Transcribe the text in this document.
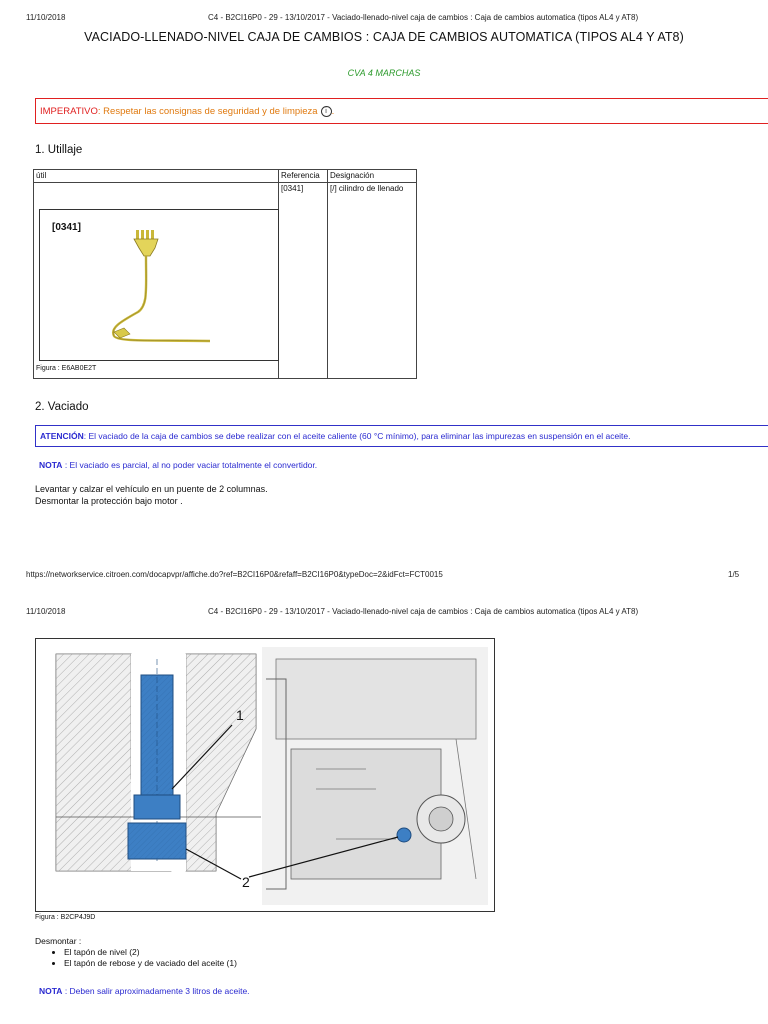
11/10/2018	C4 - B2CI16P0 - 29 - 13/10/2017 - Vaciado-llenado-nivel caja de cambios : Caja de cambios automatica (tipos AL4 y AT8)
VACIADO-LLENADO-NIVEL CAJA DE CAMBIOS : CAJA DE CAMBIOS AUTOMATICA (TIPOS AL4 Y AT8)
CVA 4 MARCHAS
IMPERATIVO : Respetar las consignas de seguridad y de limpieza	i .
1. Utillaje
útil	Referencia	Designación

[0341]
Figura : E6AB0E2T	[0341]	[/] cilindro de llenado
2. Vaciado
ATENCIÓN : El vaciado de la caja de cambios se debe realizar con el aceite caliente (60 °C mínimo), para eliminar las impurezas en suspensión en el aceite.
NOTA : El vaciado es parcial, al no poder vaciar totalmente el convertidor.
Levantar y calzar el vehículo en un puente de 2 columnas.
Desmontar la protección bajo motor .
https://networkservice.citroen.com/docapvpr/affiche.do?ref=B2CI16P0&refaff=B2CI16P0&typeDoc=2&idFct=FCT0015	1/5
11/10/2018	C4 - B2CI16P0 - 29 - 13/10/2017 - Vaciado-llenado-nivel caja de cambios : Caja de cambios automatica (tipos AL4 y AT8)
1
2
Figura : B2CP4J9D
Desmontar :
• El tapón de nivel (2)
• El tapón de rebose y de vaciado del aceite (1)
NOTA : Deben salir aproximadamente 3 litros de aceite.
